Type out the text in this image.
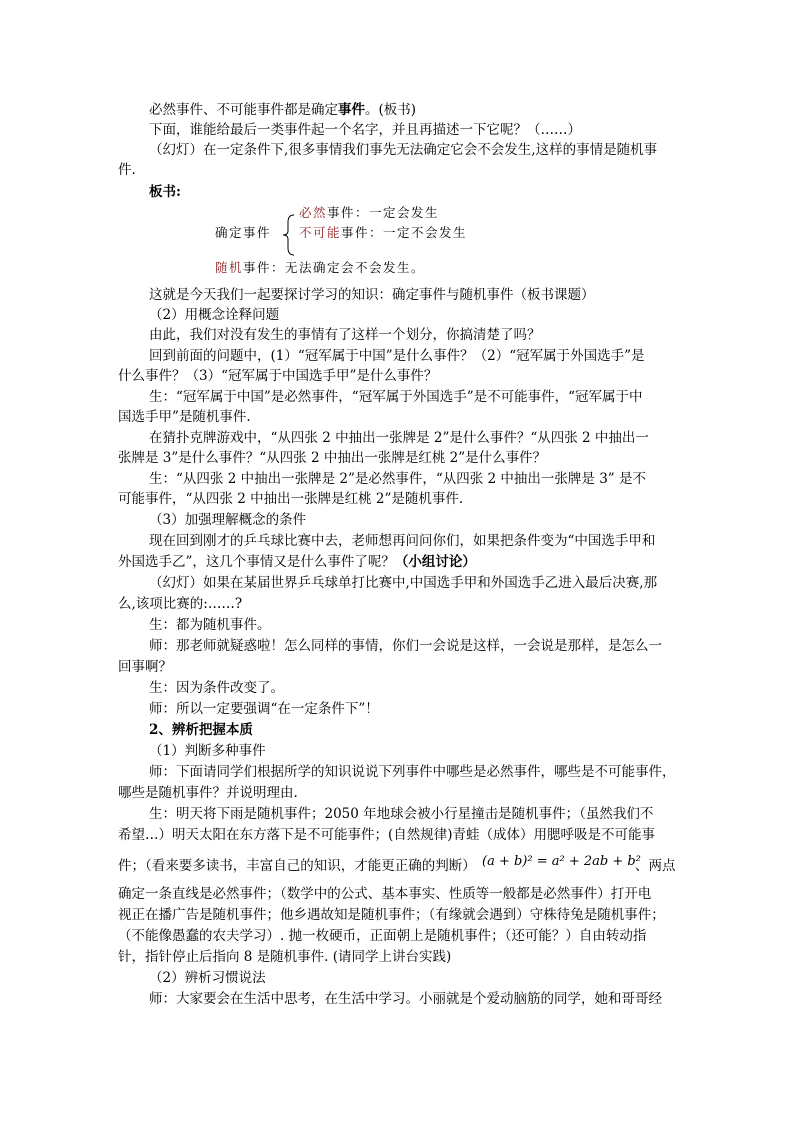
必然事件、不可能事件都是确定事件。(板书)
下面，谁能给最后一类事件起一个名字，并且再描述一下它呢？（……）
（幻灯）在一定条件下,很多事情我们事先无法确定它会不会发生,这样的事情是随机事
件.
板书:
必然事件：一定会发生
确定事件 不可能事件：一定不会发生
随机事件：无法确定会不会发生。
这就是今天我们一起要探讨学习的知识：确定事件与随机事件（板书课题）
（2）用概念诠释问题
由此，我们对没有发生的事情有了这样一个划分，你搞清楚了吗？
回到前面的问题中，(1）“冠军属于中国”是什么事件？（2）“冠军属于外国选手”是
什么事件？（3）“冠军属于中国选手甲”是什么事件？
生：“冠军属于中国”是必然事件，“冠军属于外国选手”是不可能事件，“冠军属于中
国选手甲”是随机事件.
在猜扑克牌游戏中，“从四张 2 中抽出一张牌是 2”是什么事件？“从四张 2 中抽出一
张牌是 3”是什么事件？“从四张 2 中抽出一张牌是红桃 2”是什么事件？
生：“从四张 2 中抽出一张牌是 2”是必然事件，“从四张 2 中抽出一张牌是 3” 是不
可能事件，“从四张 2 中抽出一张牌是红桃 2”是随机事件.
（3）加强理解概念的条件
现在回到刚才的乒乓球比赛中去，老师想再问问你们，如果把条件变为“中国选手甲和
外国选手乙”，这几个事情又是什么事件了呢？（小组讨论）
（幻灯）如果在某届世界乒乓球单打比赛中,中国选手甲和外国选手乙进入最后决赛,那
么,该项比赛的:……?
生：都为随机事件。
师：那老师就疑惑啦！怎么同样的事情，你们一会说是这样，一会说是那样，是怎么一
回事啊？
生：因为条件改变了。
师：所以一定要强调“在一定条件下”！
2、辨析把握本质
（1）判断多种事件
师：下面请同学们根据所学的知识说说下列事件中哪些是必然事件，哪些是不可能事件，
哪些是随机事件？并说明理由.
生：明天将下雨是随机事件；2050 年地球会被小行星撞击是随机事件；（虽然我们不
希望…）明天太阳在东方落下是不可能事件；(自然规律)青蛙（成体）用腮呼吸是不可能事
件；（看来要多读书，丰富自己的知识，才能更正确的判断） (a + b)² = a² + 2ab + b²
、两点
确定一条直线是必然事件；（数学中的公式、基本事实、性质等一般都是必然事件）打开电
视正在播广告是随机事件；他乡遇故知是随机事件；（有缘就会遇到）守株待兔是随机事件；
（不能像愚蠢的农夫学习）. 抛一枚硬币，正面朝上是随机事件；（还可能？）自由转动指
针，指针停止后指向 8 是随机事件. (请同学上讲台实践)
（2）辨析习惯说法
师：大家要会在生活中思考，在生活中学习。小丽就是个爱动脑筋的同学，她和哥哥经
